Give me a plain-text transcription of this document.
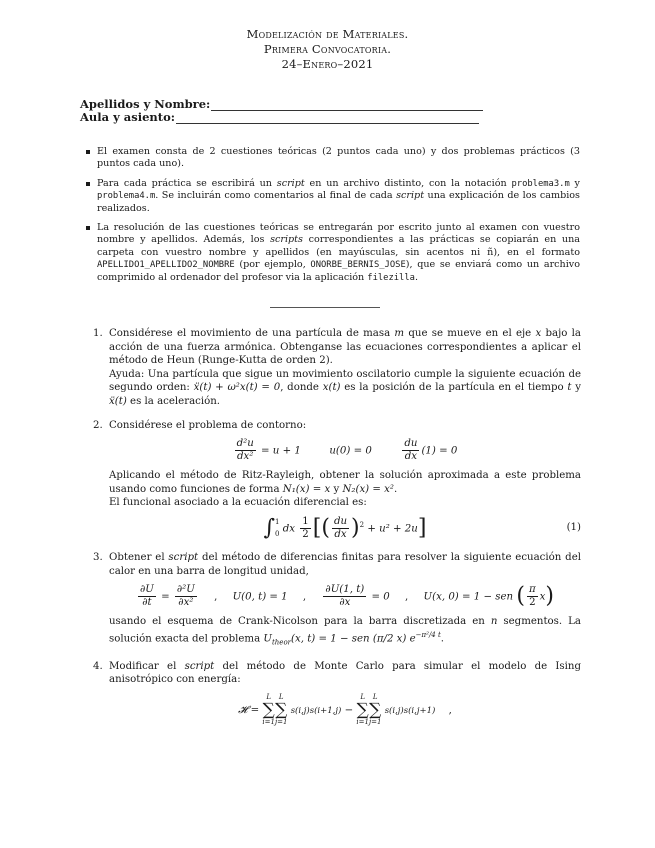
Modelización de Materiales.
Primera Convocatoria.
24–Enero–2021
Apellidos y Nombre:
Aula y asiento:
El examen consta de 2 cuestiones teóricas (2 puntos cada uno) y dos problemas prácticos (3 puntos cada uno).
Para cada práctica se escribirá un script en un archivo distinto, con la notación problema3.m y problema4.m. Se incluirán como comentarios al final de cada script una explicación de los cambios realizados.
La resolución de las cuestiones teóricas se entregarán por escrito junto al examen con vuestro nombre y apellidos. Además, los scripts correspondientes a las prácticas se copiarán en una carpeta con vuestro nombre y apellidos (en mayúsculas, sin acentos ni ñ), en el formato APELLIDO1_APELLIDO2_NOMBRE (por ejemplo, ONORBE_BERNIS_JOSE), que se enviará como un archivo comprimido al ordenador del profesor via la aplicación filezilla.
1. Considérese el movimiento de una partícula de masa m que se mueve en el eje x bajo la acción de una fuerza armónica. Obtenganse las ecuaciones correspondientes a aplicar el método de Heun (Runge-Kutta de orden 2).
Ayuda: Una partícula que sigue un movimiento oscilatorio cumple la siguiente ecuación de segundo orden: ẍ(t) + ω²x(t) = 0, donde x(t) es la posición de la partícula en el tiempo t y ẍ(t) es la aceleración.
2. Considérese el problema de contorno:
$\frac{\text{d²u}}{\text{dx²}} = u + 1$	u(0) = 0	$\frac{du}{dx} (1) = 0$
Aplicando el método de Ritz-Rayleigh, obtener la solución aproximada a este problema usando como funciones de forma N₁(x) = x y N₂(x) = x².
El funcional asociado a la ecuación diferencial es:
∫ 1
0 dx $\frac{1}{2}$ [( $\frac{du}{dx} )^2 + u^2 + 2u$]	(1)
3. Obtener el script del método de diferencias finitas para resolver la siguiente ecuación del calor en una barra de longitud unidad,
$\frac{\partial U}{\partial t} = \frac{\text{∂²U}}{\text{∂x²}}$ , U(0, t) = 1 , $\frac{\partial U(1, t)}{\partial x} = 0$ , U(x, 0) = 1 − sen ( $\frac{\pi}{2} x$)
usando el esquema de Crank-Nicolson para la barra discretizada en n segmentos. La solución exacta del problema $U_{theor}(x$, t) = 1 − sen (π/2 x) $e^{-\pi^2/4 t}$.
4. Modificar el script del método de Monte Carlo para simular el modelo de Ising anisotrópico con energía:
𝓗 =
L
∑
i=1
L
∑
j=1
s(i,j)s(i+1,j) −
L
∑
i=1
L
∑
j=1
s(i,j)s(i,j+1) ,
